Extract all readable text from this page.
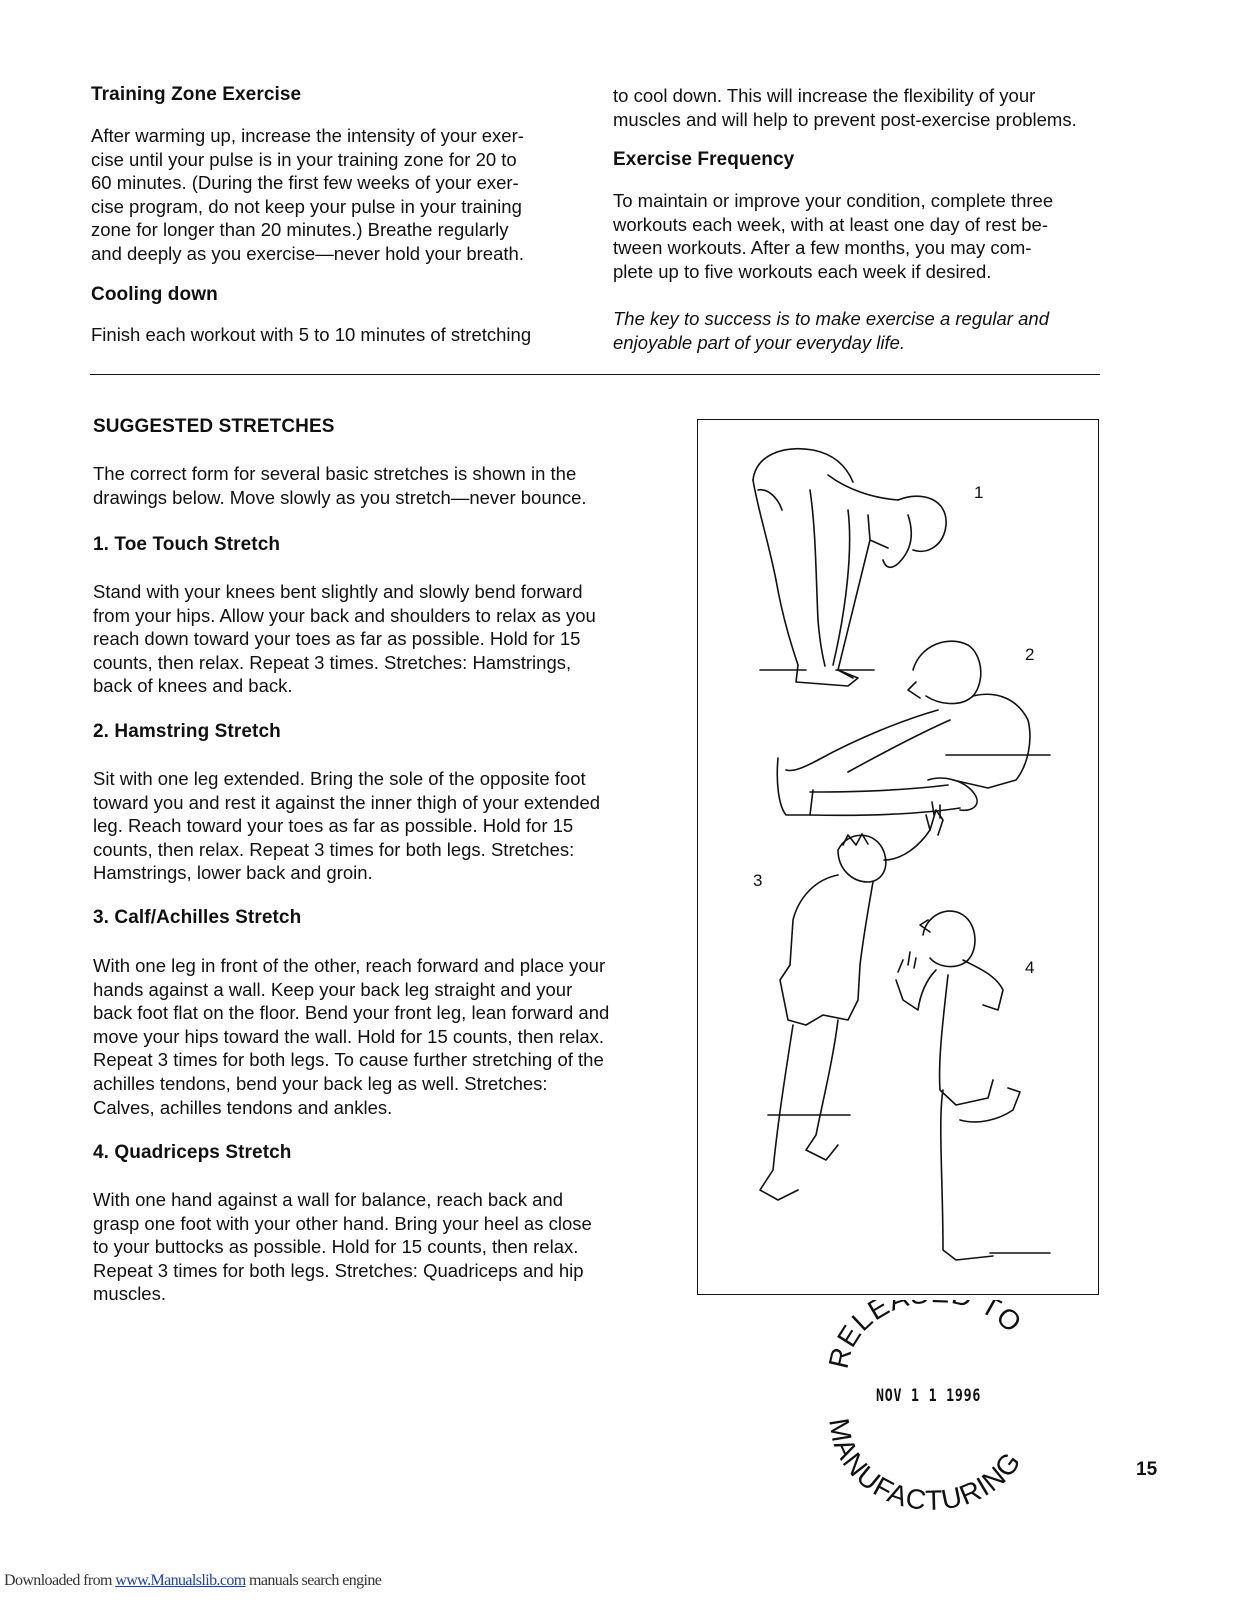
Training Zone Exercise
After warming up, increase the intensity of your exer-
cise until your pulse is in your training zone for 20 to
60 minutes. (During the first few weeks of your exer-
cise program, do not keep your pulse in your training
zone for longer than 20 minutes.) Breathe regularly
and deeply as you exercise—never hold your breath.
Cooling down
Finish each workout with 5 to 10 minutes of stretching
to cool down. This will increase the flexibility of your
muscles and will help to prevent post-exercise problems.
Exercise Frequency
To maintain or improve your condition, complete three
workouts each week, with at least one day of rest be-
tween workouts. After a few months, you may com-
plete up to five workouts each week if desired.
The key to success is to make exercise a regular and
enjoyable part of your everyday life.
SUGGESTED STRETCHES
The correct form for several basic stretches is shown in the
drawings below. Move slowly as you stretch—never bounce.
1. Toe Touch Stretch
Stand with your knees bent slightly and slowly bend forward
from your hips. Allow your back and shoulders to relax as you
reach down toward your toes as far as possible. Hold for 15
counts, then relax. Repeat 3 times. Stretches: Hamstrings,
back of knees and back.
2. Hamstring Stretch
Sit with one leg extended. Bring the sole of the opposite foot
toward you and rest it against the inner thigh of your extended
leg. Reach toward your toes as far as possible. Hold for 15
counts, then relax. Repeat 3 times for both legs. Stretches:
Hamstrings, lower back and groin.
3. Calf/Achilles Stretch
With one leg in front of the other, reach forward and place your
hands against a wall. Keep your back leg straight and your
back foot flat on the floor. Bend your front leg, lean forward and
move your hips toward the wall. Hold for 15 counts, then relax.
Repeat 3 times for both legs. To cause further stretching of the
achilles tendons, bend your back leg as well. Stretches:
Calves, achilles tendons and ankles.
4. Quadriceps Stretch
With one hand against a wall for balance, reach back and
grasp one foot with your other hand. Bring your heel as close
to your buttocks as possible. Hold for 15 counts, then relax.
Repeat 3 times for both legs. Stretches: Quadriceps and hip
muscles.
1
2
3
4
RELE TO
MANUFACTURING
NOV 1 1 1996
15
Downloaded from www.Manualslib.com manuals search engine
